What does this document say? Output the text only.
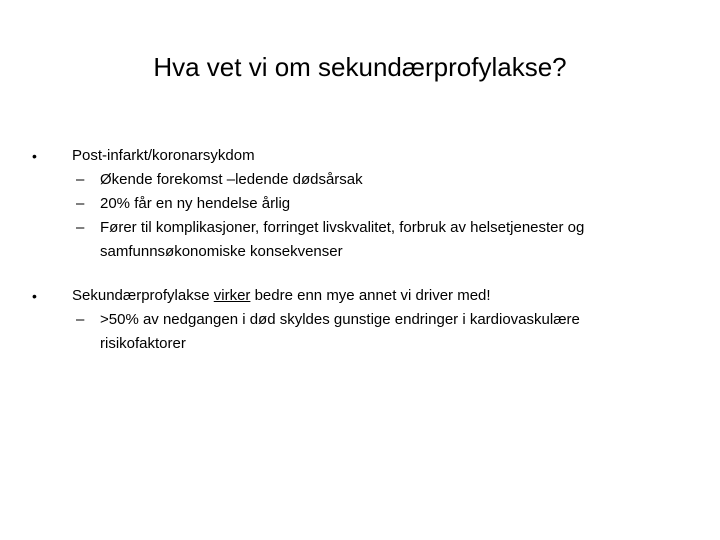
Hva vet vi om sekundærprofylakse?
•	Post-infarkt/koronarsykdom
–	Økende forekomst –ledende dødsårsak
–	20% får en ny hendelse årlig
–	Fører til komplikasjoner, forringet livskvalitet, forbruk av helsetjenester og samfunnsøkonomiske konsekvenser
•	Sekundærprofylakse virker bedre enn mye annet vi driver med!
–	>50% av nedgangen i død skyldes gunstige endringer i kardiovaskulære risikofaktorer
